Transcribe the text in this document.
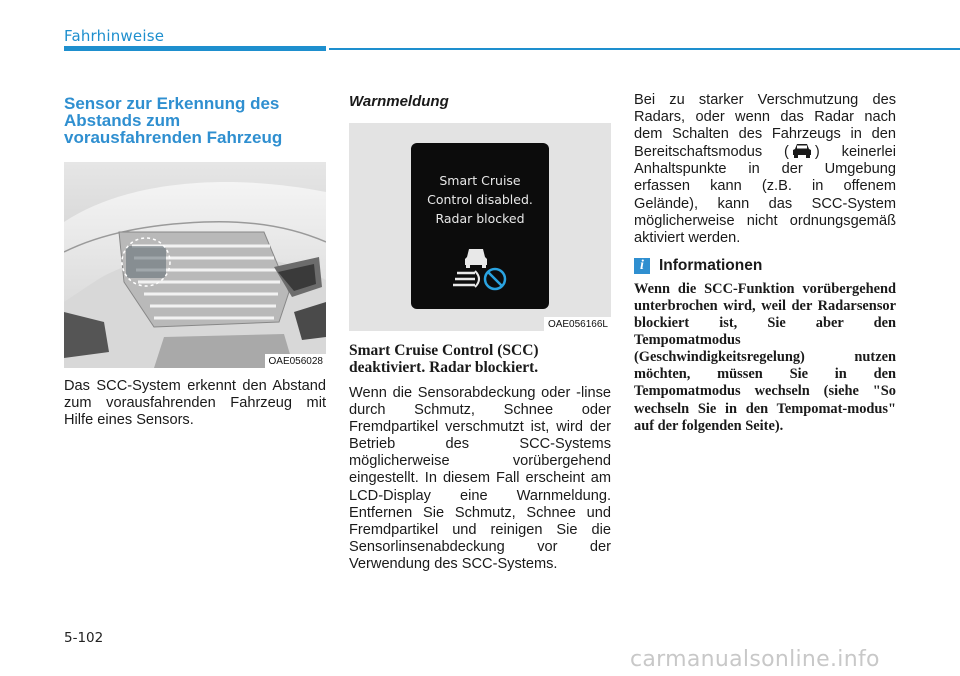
Fahrhinweise
Sensor zur Erkennung des
Abstands zum
vorausfahrenden Fahrzeug
OAE056028

Das SCC-System erkennt den Abstand zum vorausfahrenden Fahrzeug mit Hilfe eines Sensors.

Warnmeldung

Smart Cruise
Control disabled.
Radar blocked
OAE056166L
Smart Cruise Control (SCC)
deaktiviert. Radar blockiert.

Wenn die Sensorabdeckung oder -linse durch Schmutz, Schnee oder Fremdpartikel verschmutzt ist, wird der Betrieb des SCC-Systems möglicherweise vorübergehend eingestellt. In diesem Fall erscheint am LCD-Display eine Warnmeldung. Entfernen Sie Schmutz, Schnee und Fremdpartikel und reinigen Sie die Sensorlinsenabdeckung vor der Verwendung des SCC-Systems.

Bei zu starker Verschmutzung des Radars, oder wenn das Radar nach dem Schalten des Fahrzeugs in den Bereitschaftsmodus ( ) keinerlei Anhaltspunkte in der Umgebung erfassen kann (z.B. in offenem Gelände), kann das SCC-System möglicherweise nicht ordnungsgemäß aktiviert werden.

i Informationen

Wenn die SCC-Funktion vorübergehend unterbrochen wird, weil der Radarsensor blockiert ist, Sie aber den Tempomatmodus (Geschwindigkeitsregelung) nutzen möchten, müssen Sie in den Tempomatmodus wechseln (siehe "So wechseln Sie in den Tempomat-modus" auf der folgenden Seite).

5-102
carmanualsonline.info
